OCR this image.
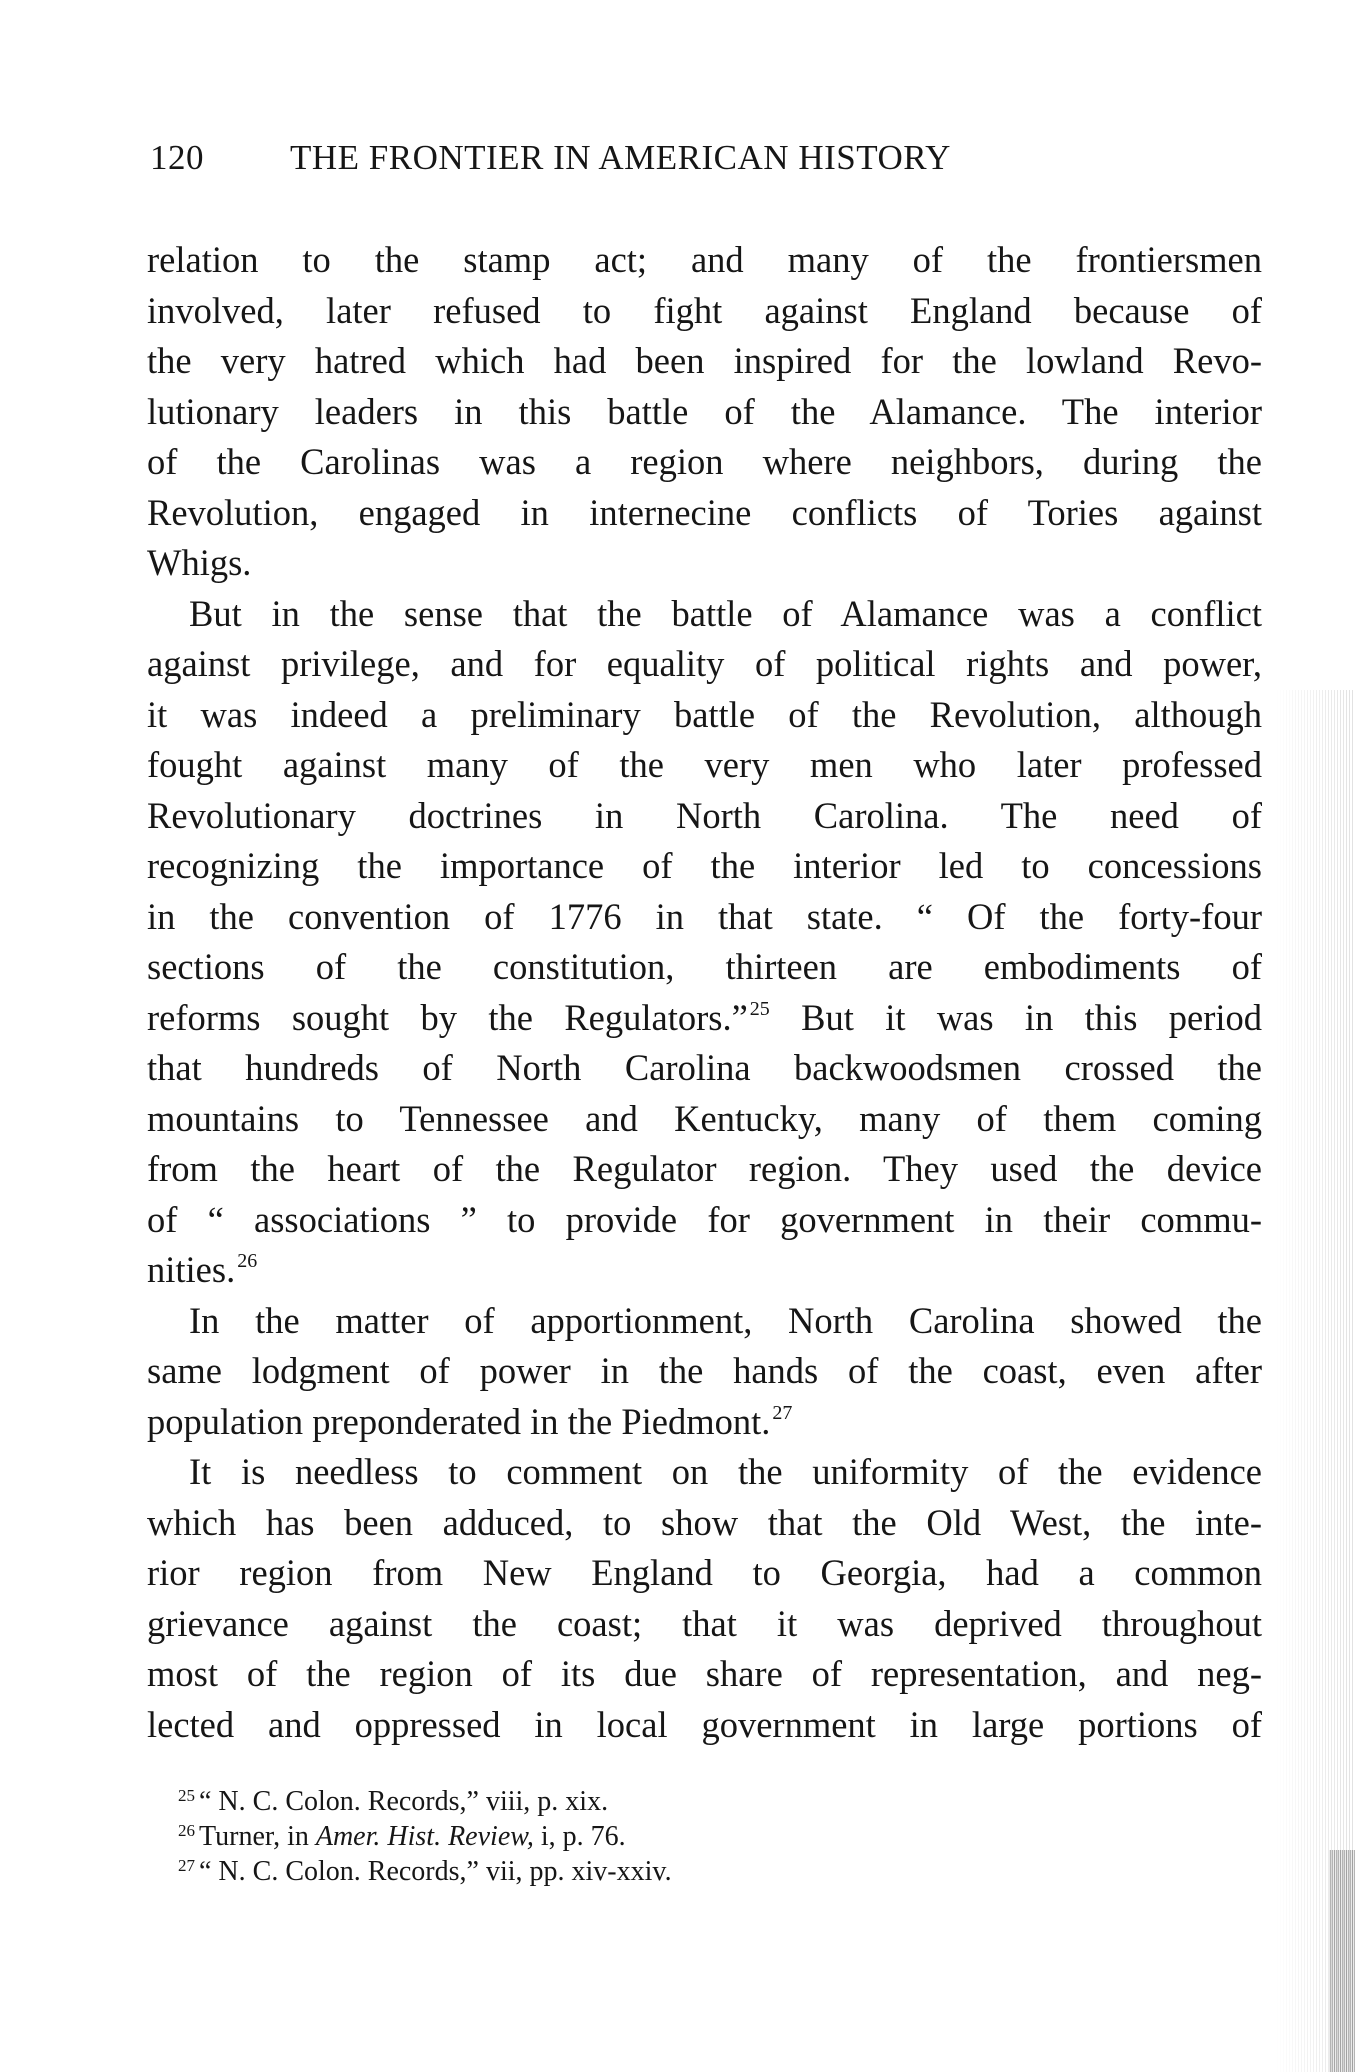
120 THE FRONTIER IN AMERICAN HISTORY
relation to the stamp act; and many of the frontiersmen
involved, later refused to fight against England because of
the very hatred which had been inspired for the lowland Revo-
lutionary leaders in this battle of the Alamance. The interior
of the Carolinas was a region where neighbors, during the
Revolution, engaged in internecine conflicts of Tories against
Whigs.
But in the sense that the battle of Alamance was a conflict
against privilege, and for equality of political rights and power,
it was indeed a preliminary battle of the Revolution, although
fought against many of the very men who later professed
Revolutionary doctrines in North Carolina. The need of
recognizing the importance of the interior led to concessions
in the convention of 1776 in that state. “ Of the forty-four
sections of the constitution, thirteen are embodiments of
reforms sought by the Regulators.” $^{25}$ But it was in this period
that hundreds of North Carolina backwoodsmen crossed the
mountains to Tennessee and Kentucky, many of them coming
from the heart of the Regulator region. They used the device
of “ associations ” to provide for government in their commu-
nities. $^{26}$
In the matter of apportionment, North Carolina showed the
same lodgment of power in the hands of the coast, even after
population preponderated in the Piedmont. $^{27}$
It is needless to comment on the uniformity of the evidence
which has been adduced, to show that the Old West, the inte-
rior region from New England to Georgia, had a common
grievance against the coast; that it was deprived throughout
most of the region of its due share of representation, and neg-
lected and oppressed in local government in large portions of
$^{25}$ “ N. C. Colon. Records,” viii, p. xix.
$^{26}$ Turner, in Amer. Hist. Review, i, p. 76.
$^{27}$ “ N. C. Colon. Records,” vii, pp. xiv-xxiv.
